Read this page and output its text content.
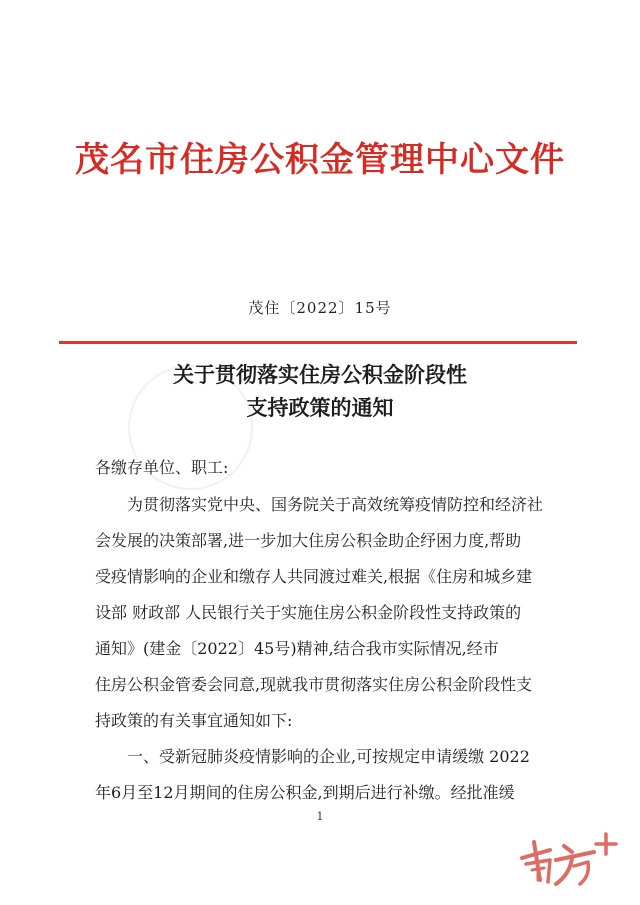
茂名市住房公积金管理中心文件
茂住〔2022〕15号
关于贯彻落实住房公积金阶段性
支持政策的通知
各缴存单位、职工:
　　为贯彻落实党中央、国务院关于高效统筹疫情防控和经济社
会发展的决策部署,进一步加大住房公积金助企纾困力度,帮助
受疫情影响的企业和缴存人共同渡过难关,根据《住房和城乡建
设部 财政部 人民银行关于实施住房公积金阶段性支持政策的
通知》(建金〔2022〕45号)精神,结合我市实际情况,经市
住房公积金管委会同意,现就我市贯彻落实住房公积金阶段性支
持政策的有关事宜通知如下:
　　一、受新冠肺炎疫情影响的企业,可按规定申请缓缴 2022
年6月至12月期间的住房公积金,到期后进行补缴。经批准缓
1
